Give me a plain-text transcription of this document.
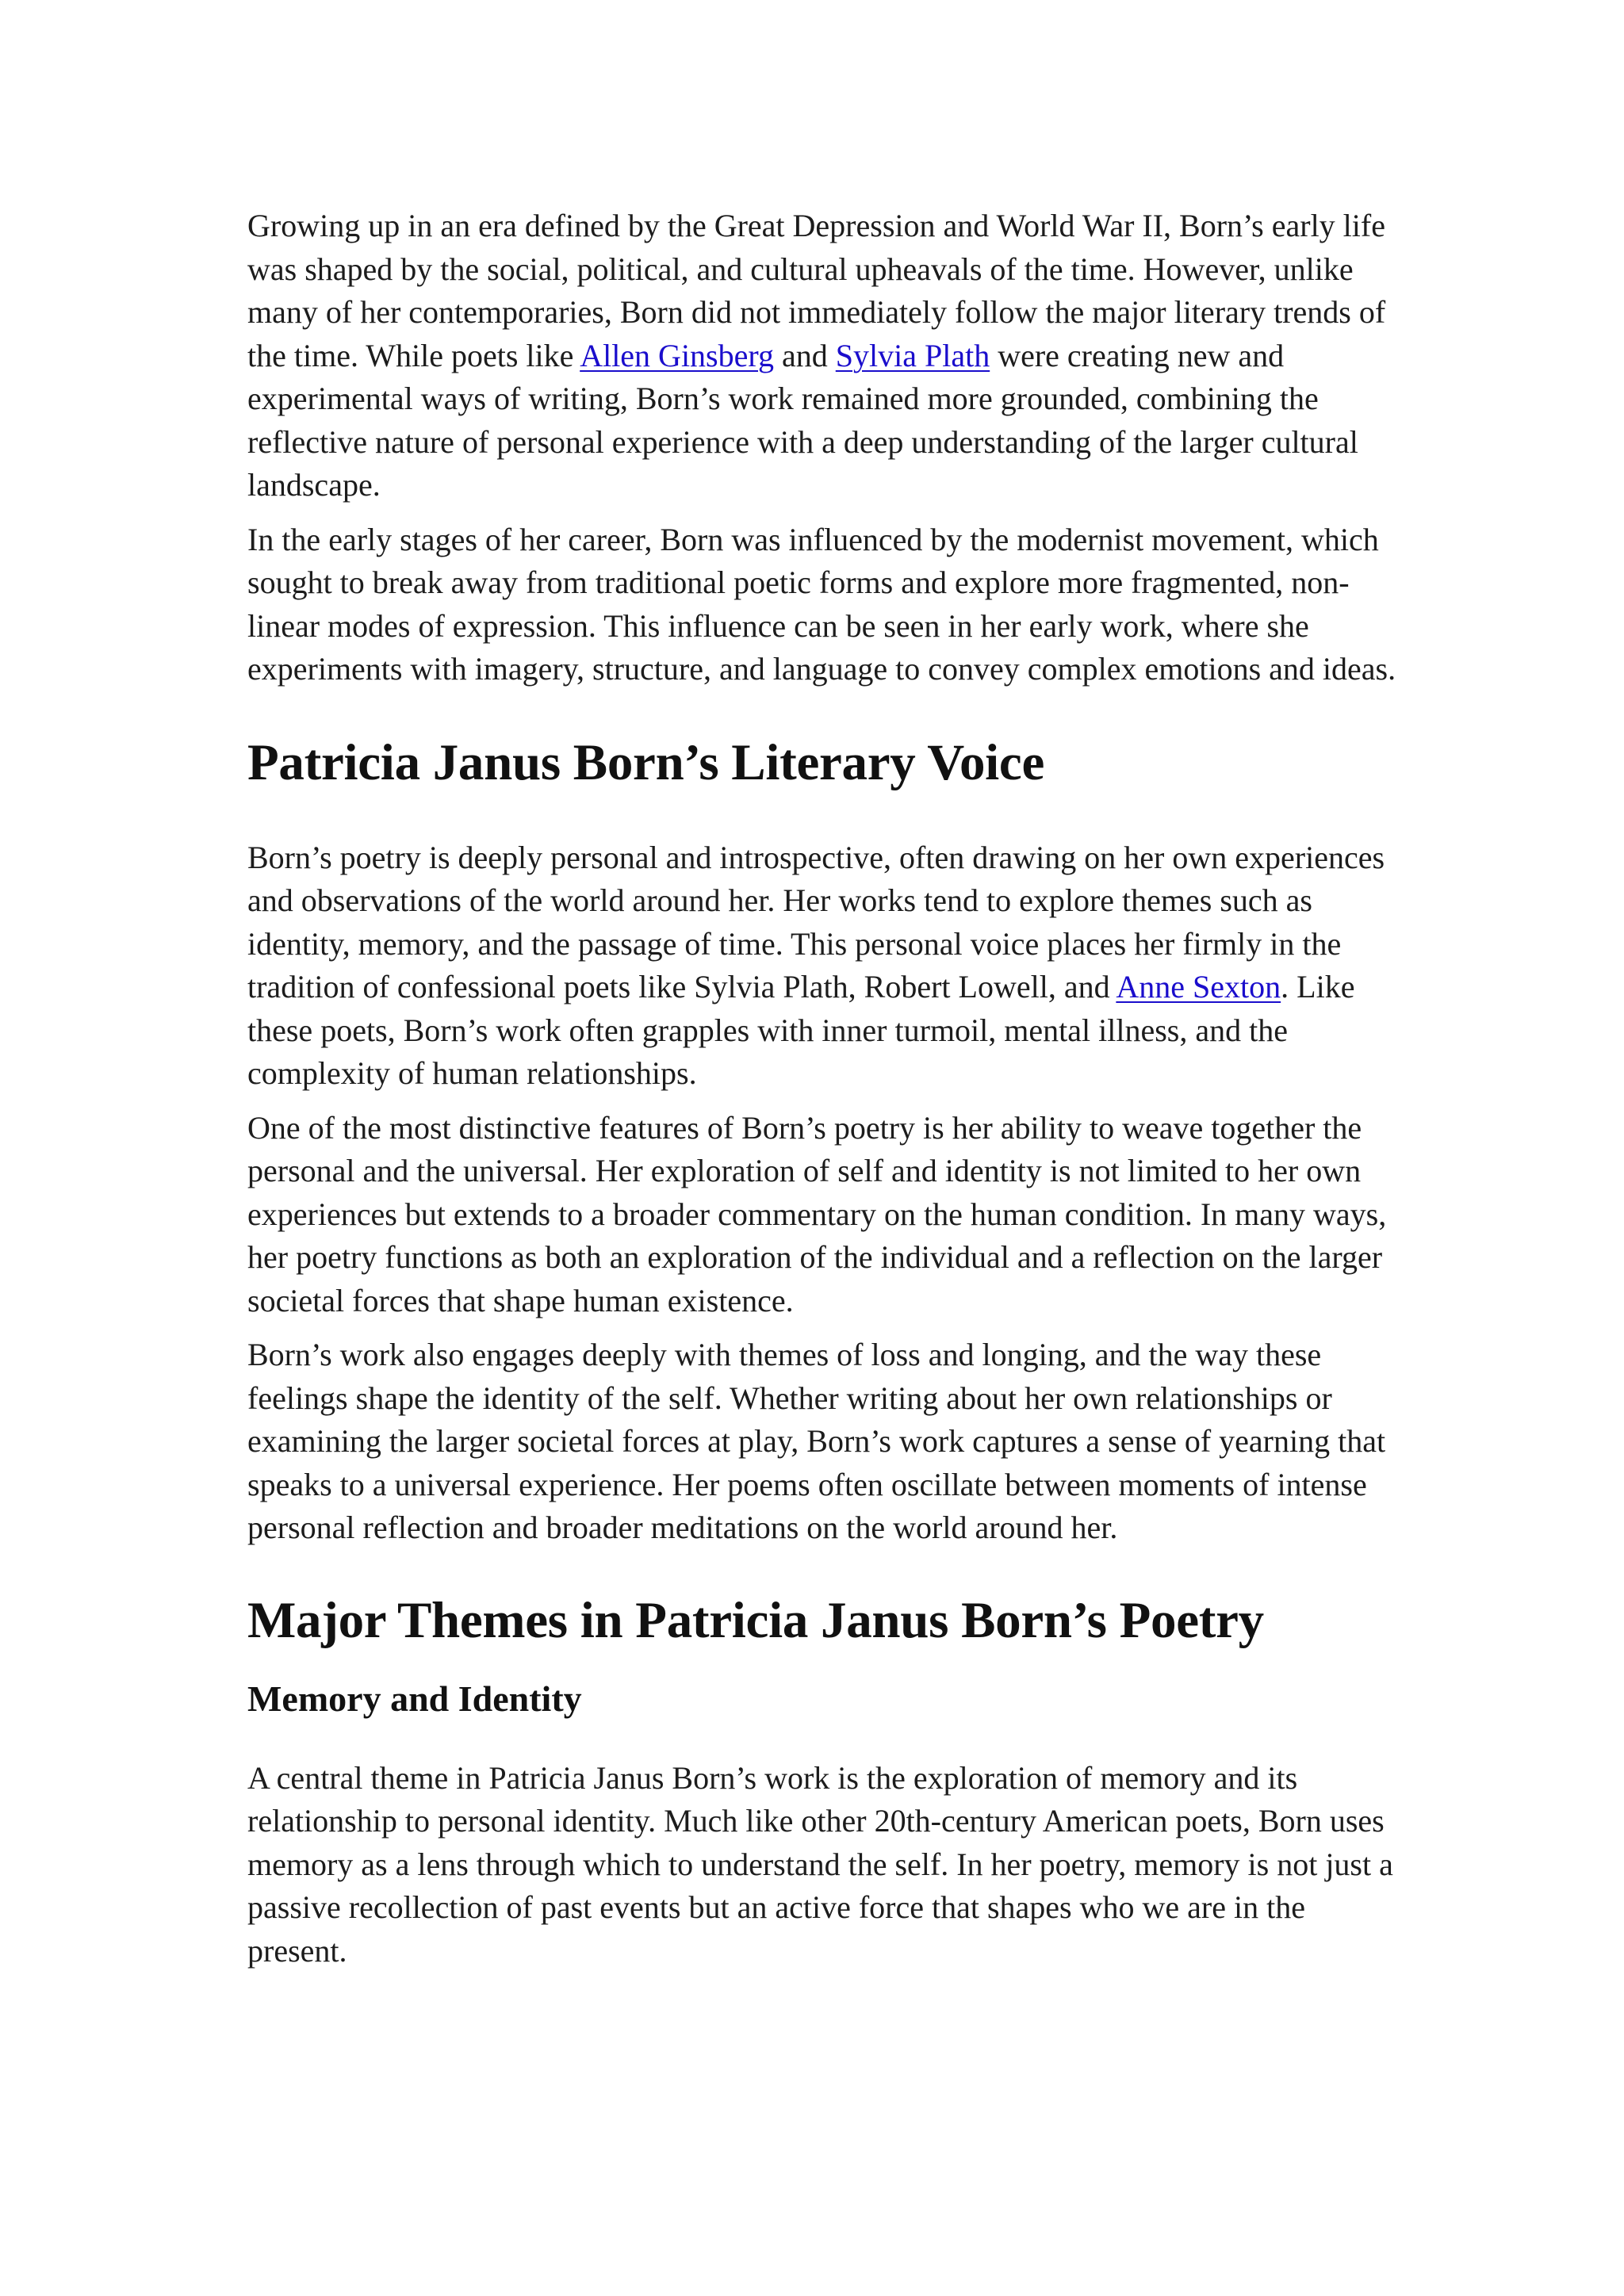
Growing up in an era defined by the Great Depression and World War II, Born’s early life was shaped by the social, political, and cultural upheavals of the time. However, unlike many of her contemporaries, Born did not immediately follow the major literary trends of the time. While poets like Allen Ginsberg and Sylvia Plath were creating new and experimental ways of writing, Born’s work remained more grounded, combining the reflective nature of personal experience with a deep understanding of the larger cultural landscape.

In the early stages of her career, Born was influenced by the modernist movement, which sought to break away from traditional poetic forms and explore more fragmented, non-linear modes of expression. This influence can be seen in her early work, where she experiments with imagery, structure, and language to convey complex emotions and ideas.

Patricia Janus Born’s Literary Voice

Born’s poetry is deeply personal and introspective, often drawing on her own experiences and observations of the world around her. Her works tend to explore themes such as identity, memory, and the passage of time. This personal voice places her firmly in the tradition of confessional poets like Sylvia Plath, Robert Lowell, and Anne Sexton. Like these poets, Born’s work often grapples with inner turmoil, mental illness, and the complexity of human relationships.

One of the most distinctive features of Born’s poetry is her ability to weave together the personal and the universal. Her exploration of self and identity is not limited to her own experiences but extends to a broader commentary on the human condition. In many ways, her poetry functions as both an exploration of the individual and a reflection on the larger societal forces that shape human existence.

Born’s work also engages deeply with themes of loss and longing, and the way these feelings shape the identity of the self. Whether writing about her own relationships or examining the larger societal forces at play, Born’s work captures a sense of yearning that speaks to a universal experience. Her poems often oscillate between moments of intense personal reflection and broader meditations on the world around her.

Major Themes in Patricia Janus Born’s Poetry
Memory and Identity

A central theme in Patricia Janus Born’s work is the exploration of memory and its relationship to personal identity. Much like other 20th-century American poets, Born uses memory as a lens through which to understand the self. In her poetry, memory is not just a passive recollection of past events but an active force that shapes who we are in the present.
